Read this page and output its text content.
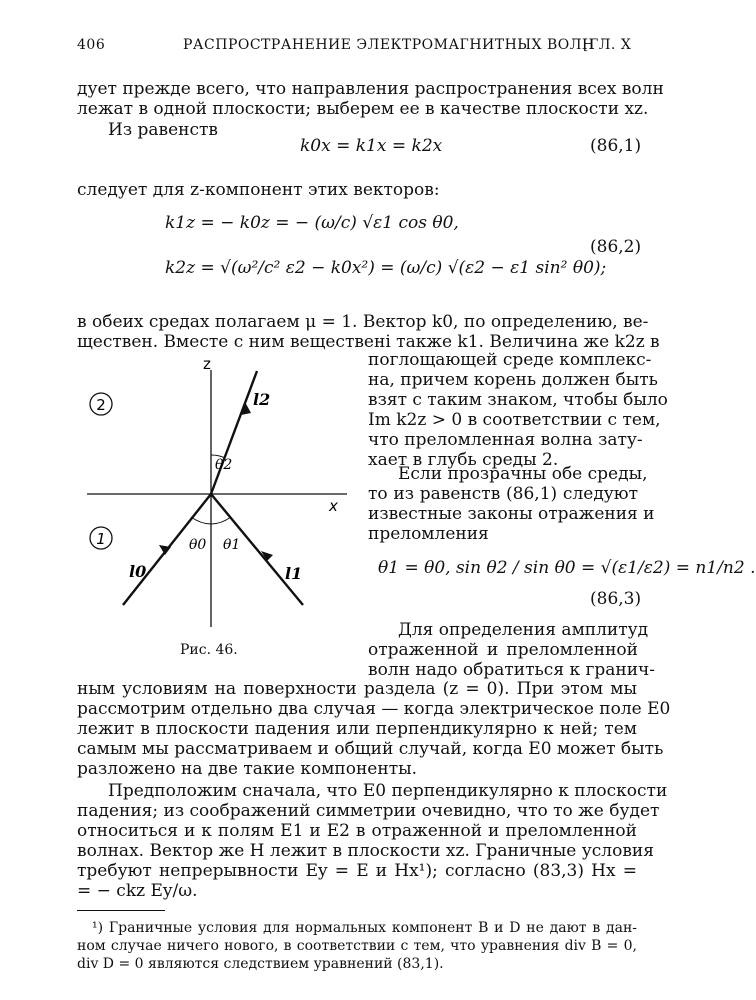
406	РАСПРОСТРАНЕНИЕ ЭЛЕКТРОМАГНИТНЫХ ВОЛН
[ГЛ. X
дует прежде всего, что направления распространения всех волн
лежат в одной плоскости; выберем ее в качестве плоскости xz.
Из равенств
k0x = k1x = k2x	(86,1)
следует для z-компонент этих векторов:
k1z = − k0z = − (ω/c) √ε1 cos θ0,
k2z = √(ω²/c² ε2 − k0x²) = (ω/c) √(ε2 − ε1 sin² θ0);
(86,2)
в обеих средах полагаем μ = 1. Вектор k0, по определению, ве-
ществен. Вместе с ним вещественi также k1. Величина же k2z в
поглощающей среде комплекс-
на, причем корень должен быть
взят с таким знаком, чтобы было
Im k2z > 0 в соответствии с тем,
что преломленная волна зату-
хает в глубь среды 2.
Если прозрачны обе среды,
то из равенств (86,1) следуют
известные законы отражения и
преломления
θ1 = θ0, sin θ2 / sin θ0 = √(ε1/ε2) = n1/n2 .
(86,3)
Для определения амплитуд
отраженной и преломленной
волн надо обратиться к гранич-
2
1
z
x
l0	l1
l2
θ0 θ1
θ2
Рис. 46.
ным условиям на поверхности раздела (z = 0). При этом мы
рассмотрим отдельно два случая — когда электрическое поле E0
лежит в плоскости падения или перпендикулярно к ней; тем
самым мы рассматриваем и общий случай, когда E0 может быть
разложено на две такие компоненты.
Предположим сначала, что E0 перпендикулярно к плоскости
падения; из соображений симметрии очевидно, что то же будет
относиться и к полям E1 и E2 в отраженной и преломленной
волнах. Вектор же H лежит в плоскости xz. Граничные условия
требуют непрерывности Ey = E и Hx¹); согласно (83,3) Hx =
= − ckz Ey/ω.
¹) Граничные условия для нормальных компонент B и D не дают в дан-
ном случае ничего нового, в соответствии с тем, что уравнения div B = 0,
div D = 0 являются следствием уравнений (83,1).
